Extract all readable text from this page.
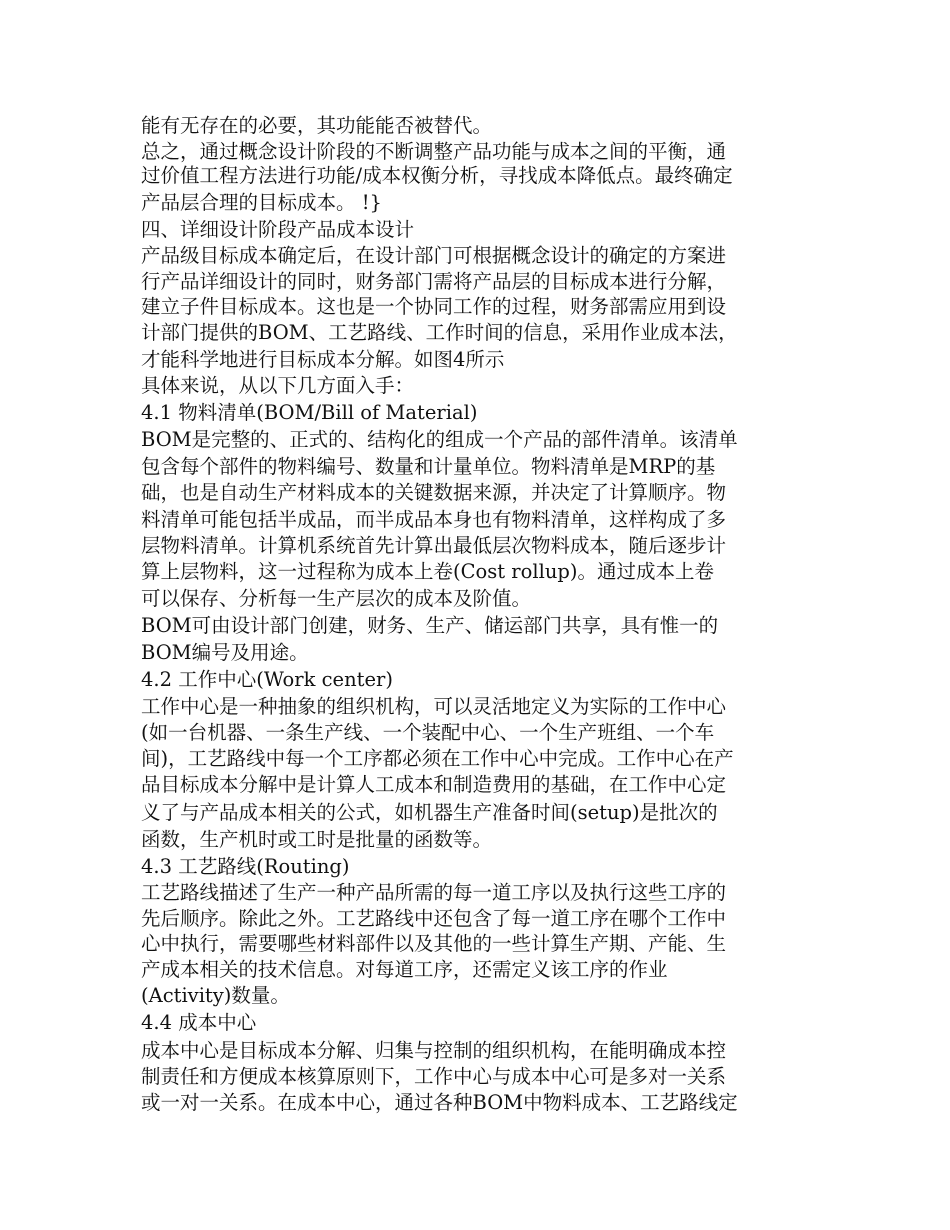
能有无存在的必要，其功能能否被替代。

总之，通过概念设计阶段的不断调整产品功能与成本之间的平衡，通

过价值工程方法进行功能/成本权衡分析，寻找成本降低点。最终确定

产品层合理的目标成本。 !}

四、详细设计阶段产品成本设计

产品级目标成本确定后，在设计部门可根据概念设计的确定的方案进

行产品详细设计的同时，财务部门需将产品层的目标成本进行分解，

建立子件目标成本。这也是一个协同工作的过程，财务部需应用到设

计部门提供的BOM、工艺路线、工作时间的信息，采用作业成本法，

才能科学地进行目标成本分解。如图4所示

具体来说，从以下几方面入手：

4.1 物料清单(BOM/Bill of Material)

BOM是完整的、正式的、结构化的组成一个产品的部件清单。该清单

包含每个部件的物料编号、数量和计量单位。物料清单是MRP的基

础，也是自动生产材料成本的关键数据来源，并决定了计算顺序。物

料清单可能包括半成品，而半成品本身也有物料清单，这样构成了多

层物料清单。计算机系统首先计算出最低层次物料成本，随后逐步计

算上层物料，这一过程称为成本上卷(Cost rollup)。通过成本上卷

可以保存、分析每一生产层次的成本及阶值。

BOM可由设计部门创建，财务、生产、储运部门共享，具有惟一的

BOM编号及用途。

4.2 工作中心(Work center)

工作中心是一种抽象的组织机构，可以灵活地定义为实际的工作中心

(如一台机器、一条生产线、一个装配中心、一个生产班组、一个车

间)，工艺路线中每一个工序都必须在工作中心中完成。工作中心在产

品目标成本分解中是计算人工成本和制造费用的基础，在工作中心定

义了与产品成本相关的公式，如机器生产准备时间(setup)是批次的

函数，生产机时或工时是批量的函数等。

4.3 工艺路线(Routing)

工艺路线描述了生产一种产品所需的每一道工序以及执行这些工序的

先后顺序。除此之外。工艺路线中还包含了每一道工序在哪个工作中

心中执行，需要哪些材料部件以及其他的一些计算生产期、产能、生

产成本相关的技术信息。对每道工序，还需定义该工序的作业

(Activity)数量。

4.4 成本中心

成本中心是目标成本分解、归集与控制的组织机构，在能明确成本控

制责任和方便成本核算原则下，工作中心与成本中心可是多对一关系

或一对一关系。在成本中心，通过各种BOM中物料成本、工艺路线定
